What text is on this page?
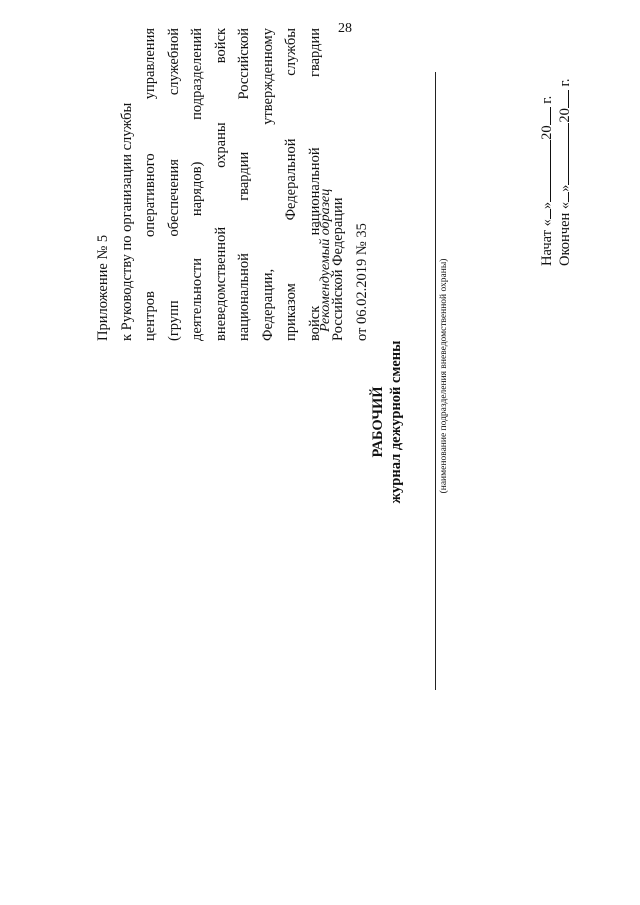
28
Приложение № 5 к Руководству по организации службы центров оперативного управления
(групп обеспечения служебной деятельности нарядов) подразделений вневедомственной охраны войск
национальной гвардии Российской
Федерации, утвержденному
приказом Федеральной службы
войск национальной гвардии
Российской Федерации от 06.02.2019 № 35
Рекомендуемый образец
РАБОЧИЙ журнал дежурной смены	(наименование подразделения вневедомственной охраны)
Начат «»20 г.
Окончен «»20 г.
